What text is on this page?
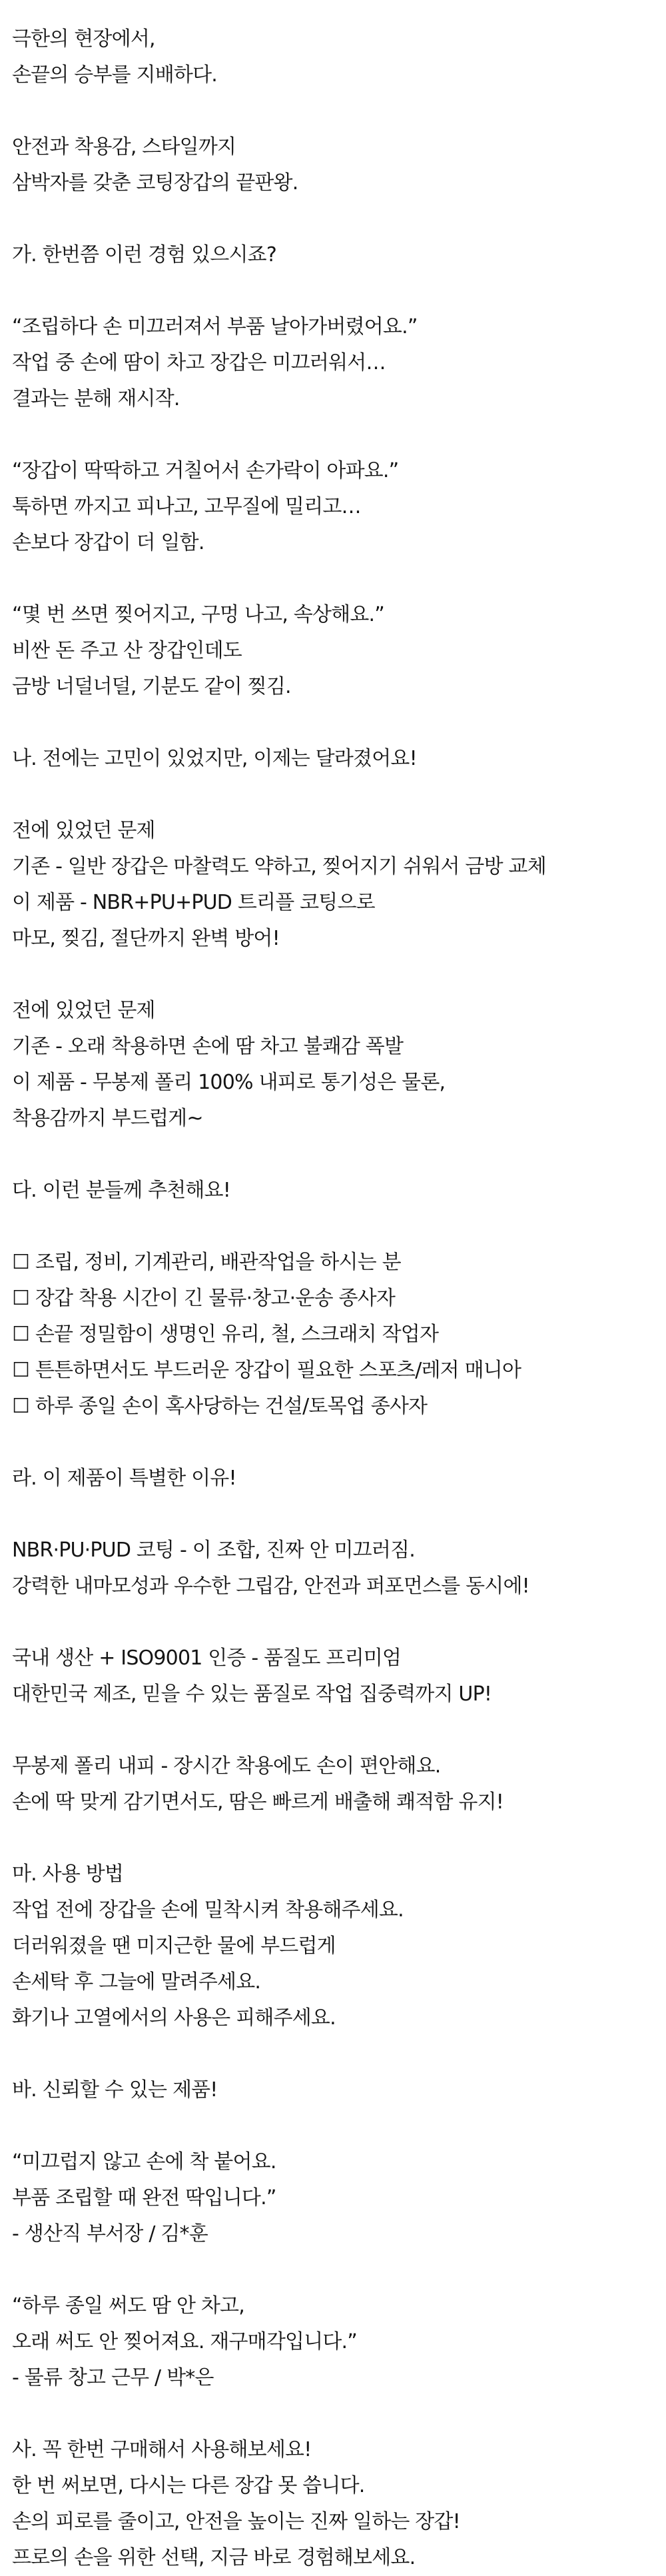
극한의 현장에서,

손끝의 승부를 지배하다.

안전과 착용감, 스타일까지

삼박자를 갖춘 코팅장갑의 끝판왕.

가. 한번쯤 이런 경험 있으시죠?

“조립하다 손 미끄러져서 부품 날아가버렸어요.”

작업 중 손에 땀이 차고 장갑은 미끄러워서…

결과는 분해 재시작.

“장갑이 딱딱하고 거칠어서 손가락이 아파요.”

툭하면 까지고 피나고, 고무질에 밀리고…

손보다 장갑이 더 일함.

“몇 번 쓰면 찢어지고, 구멍 나고, 속상해요.”

비싼 돈 주고 산 장갑인데도

금방 너덜너덜, 기분도 같이 찢김.

나. 전에는 고민이 있었지만, 이제는 달라졌어요!

전에 있었던 문제

기존 - 일반 장갑은 마찰력도 약하고, 찢어지기 쉬워서 금방 교체

이 제품 - NBR+PU+PUD 트리플 코팅으로

마모, 찢김, 절단까지 완벽 방어!

전에 있었던 문제

기존 - 오래 착용하면 손에 땀 차고 불쾌감 폭발

이 제품 - 무봉제 폴리 100% 내피로 통기성은 물론,

착용감까지 부드럽게~

다. 이런 분들께 추천해요!

☐ 조립, 정비, 기계관리, 배관작업을 하시는 분

☐ 장갑 착용 시간이 긴 물류·창고·운송 종사자

☐ 손끝 정밀함이 생명인 유리, 철, 스크래치 작업자

☐ 튼튼하면서도 부드러운 장갑이 필요한 스포츠/레저 매니아

☐ 하루 종일 손이 혹사당하는 건설/토목업 종사자

라. 이 제품이 특별한 이유!

NBR·PU·PUD 코팅 - 이 조합, 진짜 안 미끄러짐.

강력한 내마모성과 우수한 그립감, 안전과 퍼포먼스를 동시에!

국내 생산 + ISO9001 인증 - 품질도 프리미엄

대한민국 제조, 믿을 수 있는 품질로 작업 집중력까지 UP!

무봉제 폴리 내피 - 장시간 착용에도 손이 편안해요.

손에 딱 맞게 감기면서도, 땀은 빠르게 배출해 쾌적함 유지!

마. 사용 방법

작업 전에 장갑을 손에 밀착시켜 착용해주세요.

더러워졌을 땐 미지근한 물에 부드럽게

손세탁 후 그늘에 말려주세요.

화기나 고열에서의 사용은 피해주세요.

바. 신뢰할 수 있는 제품!

“미끄럽지 않고 손에 착 붙어요.

부품 조립할 때 완전 딱입니다.”

- 생산직 부서장 / 김*훈

“하루 종일 써도 땀 안 차고,

오래 써도 안 찢어져요. 재구매각입니다.”

- 물류 창고 근무 / 박*은

사. 꼭 한번 구매해서 사용해보세요!

한 번 써보면, 다시는 다른 장갑 못 씁니다.

손의 피로를 줄이고, 안전을 높이는 진짜 일하는 장갑!

프로의 손을 위한 선택, 지금 바로 경험해보세요.
